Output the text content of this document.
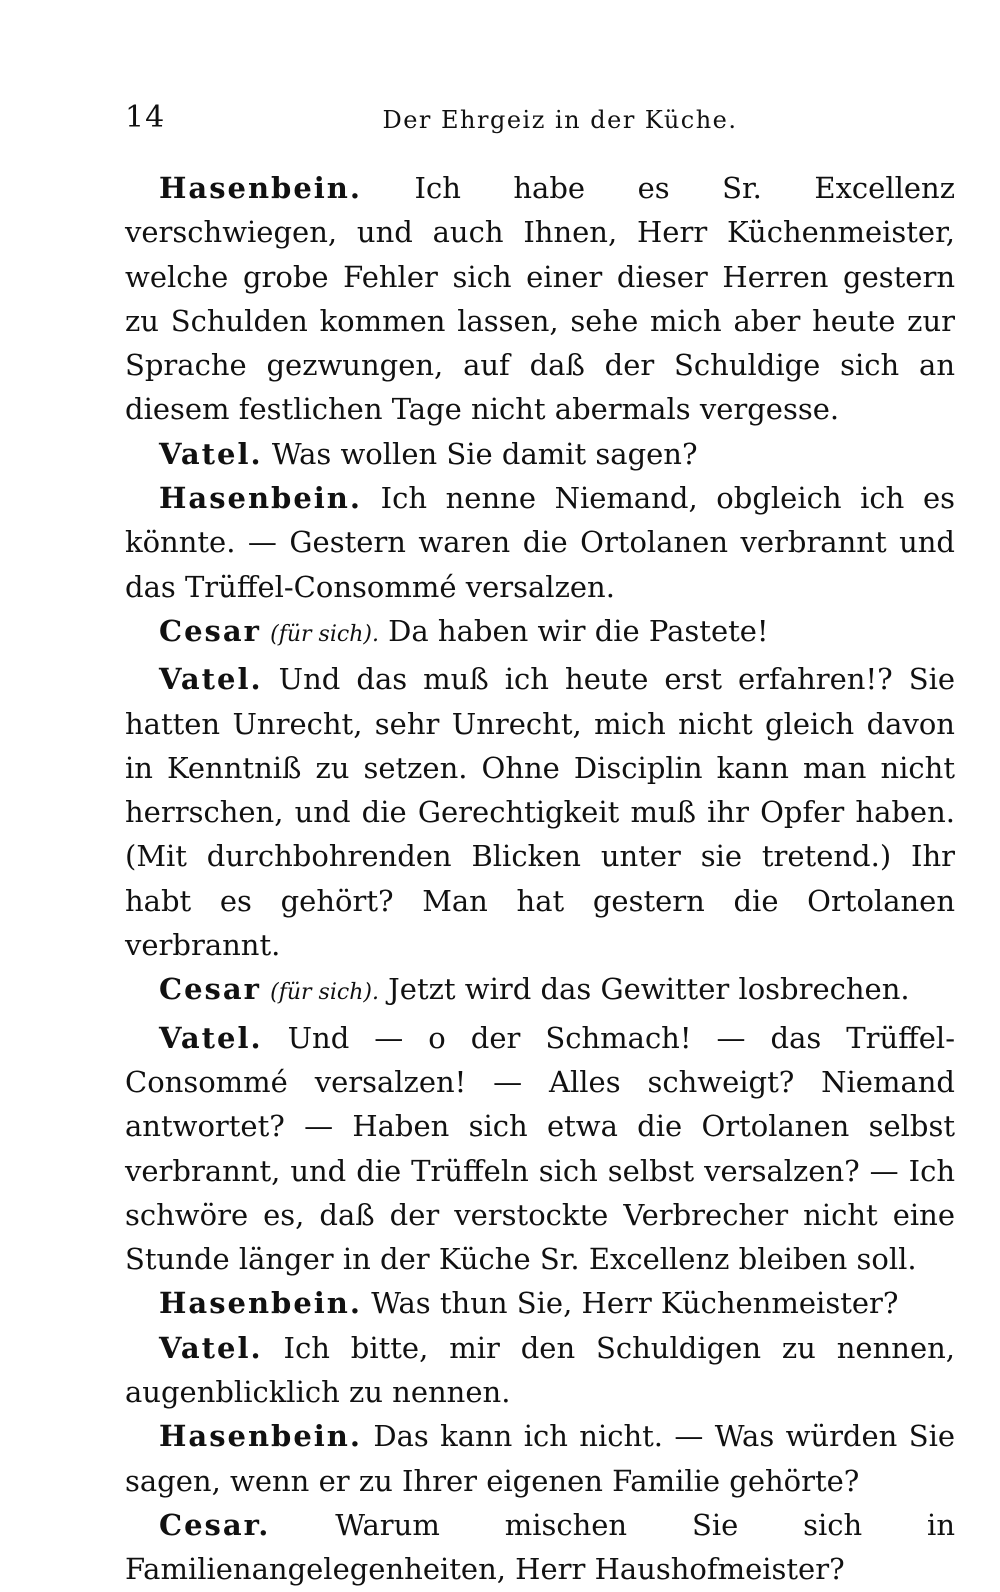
14	Der Ehrgeiz in der Küche.

Hasenbein. Ich habe es Sr. Excellenz verschwiegen, und auch Ihnen, Herr Küchenmeister, welche grobe Fehler sich einer dieser Herren gestern zu Schulden kommen lassen, sehe mich aber heute zur Sprache gezwungen, auf daß der Schuldige sich an diesem festlichen Tage nicht abermals vergesse.

Vatel. Was wollen Sie damit sagen?

Hasenbein. Ich nenne Niemand, obgleich ich es könnte. — Gestern waren die Ortolanen verbrannt und das Trüffel-Consommé versalzen.

Cesar (für sich). Da haben wir die Pastete!

Vatel. Und das muß ich heute erst erfahren!? Sie hatten Unrecht, sehr Unrecht, mich nicht gleich davon in Kenntniß zu setzen. Ohne Disciplin kann man nicht herrschen, und die Gerechtigkeit muß ihr Opfer haben. (Mit durchbohrenden Blicken unter sie tretend.) Ihr habt es gehört? Man hat gestern die Ortolanen verbrannt.

Cesar (für sich). Jetzt wird das Gewitter losbrechen.

Vatel. Und — o der Schmach! — das Trüffel-Consommé versalzen! — Alles schweigt? Niemand antwortet? — Haben sich etwa die Ortolanen selbst verbrannt, und die Trüffeln sich selbst versalzen? — Ich schwöre es, daß der verstockte Verbrecher nicht eine Stunde länger in der Küche Sr. Excellenz bleiben soll.

Hasenbein. Was thun Sie, Herr Küchenmeister?

Vatel. Ich bitte, mir den Schuldigen zu nennen, augenblicklich zu nennen.

Hasenbein. Das kann ich nicht. — Was würden Sie sagen, wenn er zu Ihrer eigenen Familie gehörte?

Cesar. Warum mischen Sie sich in Familienangelegenheiten, Herr Haushofmeister?
